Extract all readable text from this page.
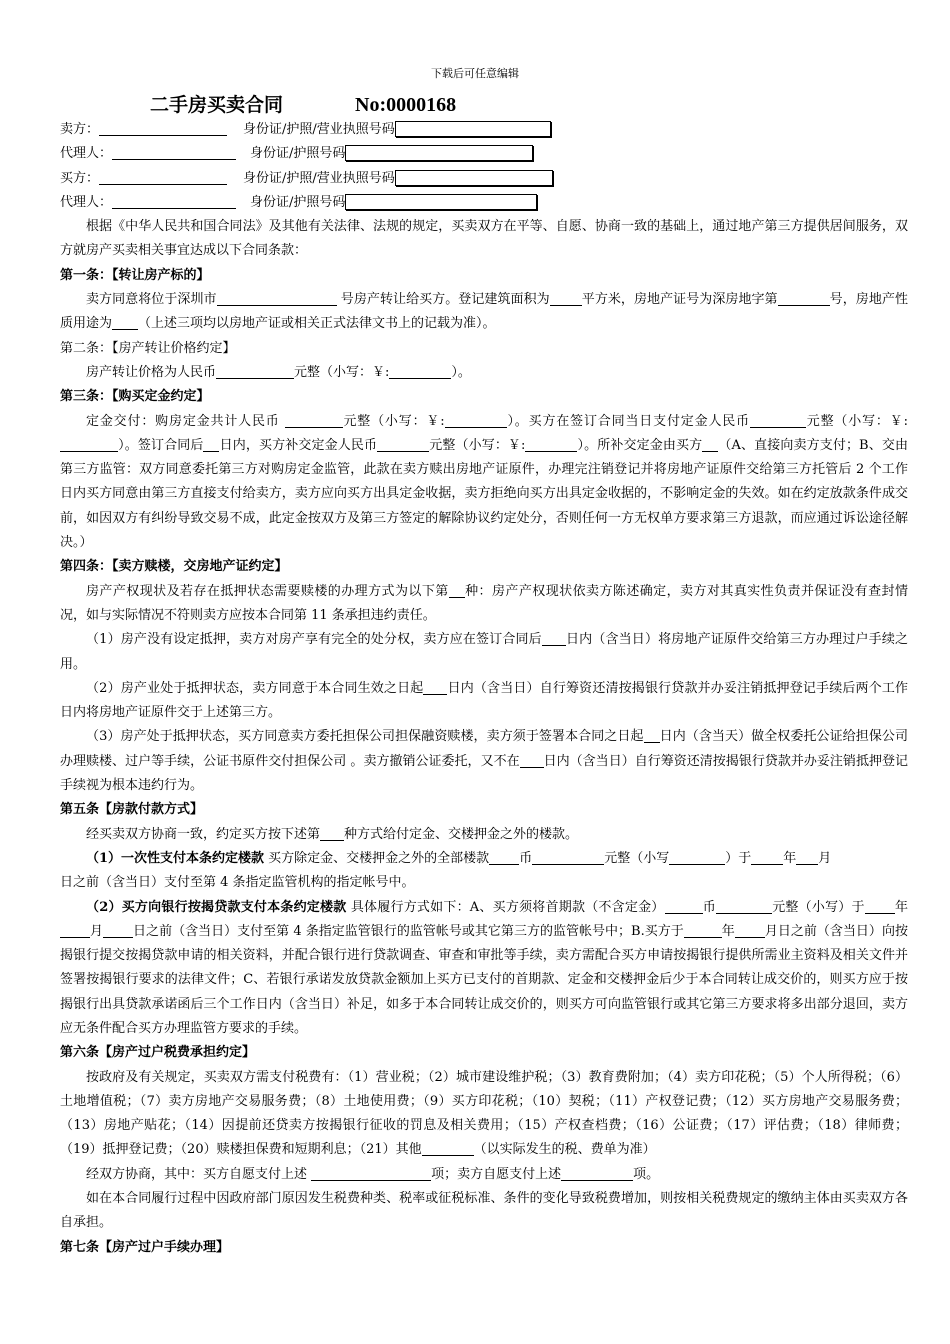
下载后可任意编辑
二手房买卖合同	No:0000168

卖方：	身份证/护照/营业执照号码

代理人：	身份证/护照号码

买方：	身份证/护照/营业执照号码

代理人：	身份证/护照号码

根据《中华人民共和国合同法》及其他有关法律、法规的规定，买卖双方在平等、自愿、协商一致的基础上，通过地产第三方提供居间服务，双方就房产买卖相关事宜达成以下合同条款：

第一条：【转让房产标的】

卖方同意将位于深圳市	号房产转让给买方。登记建筑面积为 平方米，房地产证号为深房地字第	号，房地产性质用途为 （上述三项均以房地产证或相关正式法律文书上的记载为准）。

第二条：【房产转让价格约定】

房产转让价格为人民币	元整（小写：￥:	）。

第三条：【购买定金约定】

定金交付：购房定金共计人民币	元整（小写：￥:	）。买方在签订合同当日支付定金人民币	元整（小写：￥:）。签订合同后 日内，买方补交定金人民币	元整（小写：￥:	）。所补交定金由买方 （A、直接向卖方支付；B、交由第三方监管：双方同意委托第三方对购房定金监管，此款在卖方赎出房地产证原件，办理完注销登记并将房地产证原件交给第三方托管后 2 个工作日内买方同意由第三方直接支付给卖方，卖方应向买方出具定金收据，卖方拒绝向买方出具定金收据的，不影响定金的失效。如在约定放款条件成交前，如因双方有纠纷导致交易不成，此定金按双方及第三方签定的解除协议约定处分，否则任何一方无权单方要求第三方退款，而应通过诉讼途径解决。）

第四条：【卖方赎楼，交房地产证约定】

房产产权现状及若存在抵押状态需要赎楼的办理方式为以下第 种：房产产权现状依卖方陈述确定，卖方对其真实性负责并保证没有查封情况，如与实际情况不符则卖方应按本合同第 11 条承担违约责任。

（1）房产没有设定抵押，卖方对房产享有完全的处分权，卖方应在签订合同后 日内（含当日）将房地产证原件交给第三方办理过户手续之用。

（2）房产业处于抵押状态，卖方同意于本合同生效之日起 日内（含当日）自行筹资还清按揭银行贷款并办妥注销抵押登记手续后两个工作日内将房地产证原件交于上述第三方。

（3）房产处于抵押状态，买方同意卖方委托担保公司担保融资赎楼，卖方须于签署本合同之日起 日内（含当天）做全权委托公证给担保公司办理赎楼、过户等手续，公证书原件交付担保公司 。卖方撤销公证委托，又不在 日内（含当日）自行筹资还清按揭银行贷款并办妥注销抵押登记手续视为根本违约行为。

第五条【房款付款方式】

经买卖双方协商一致，约定买方按下述第 种方式给付定金、交楼押金之外的楼款。

（1）一次性支付本条约定楼款 买方除定金、交楼押金之外的全部楼款 币	元整（小写	）于 年 月
日之前（含当日）支付至第 4 条指定监管机构的指定帐号中。

（2）买方向银行按揭贷款支付本条约定楼款 具体履行方式如下：A、买方须将首期款（不含定金）	币	元整（小写）于 年月 日之前（含当日）支付至第 4 条指定监管银行的监管帐号或其它第三方的监管帐号中；B.买方于	年 月日之前（含当日）向按揭银行提交按揭贷款申请的相关资料，并配合银行进行贷款调查、审查和审批等手续，卖方需配合买方申请按揭银行提供所需业主资料及相关文件并签署按揭银行要求的法律文件；C、若银行承诺发放贷款金额加上买方已支付的首期款、定金和交楼押金后少于本合同转让成交价的，则买方应于按揭银行出具贷款承诺函后三个工作日内（含当日）补足，如多于本合同转让成交价的，则买方可向监管银行或其它第三方要求将多出部分退回，卖方应无条件配合买方办理监管方要求的手续。

第六条【房产过户税费承担约定】

按政府及有关规定，买卖双方需支付税费有：（1）营业税；（2）城市建设维护税；（3）教育费附加；（4）卖方印花税；（5）个人所得税；（6）土地增值税；（7）卖方房地产交易服务费；（8）土地使用费；（9）买方印花税；（10）契税；（11）产权登记费；（12）买方房地产交易服务费；（13）房地产贴花；（14）因提前还贷卖方按揭银行征收的罚息及相关费用；（15）产权查档费；（16）公证费；（17）评估费；（18）律师费；（19）抵押登记费；（20）赎楼担保费和短期利息；（21）其他	（以实际发生的税、费单为准）

经双方协商，其中：买方自愿支付上述	项；卖方自愿支付上述	项。

如在本合同履行过程中因政府部门原因发生税费种类、税率或征税标准、条件的变化导致税费增加，则按相关税费规定的缴纳主体由买卖双方各自承担。

第七条【房产过户手续办理】
